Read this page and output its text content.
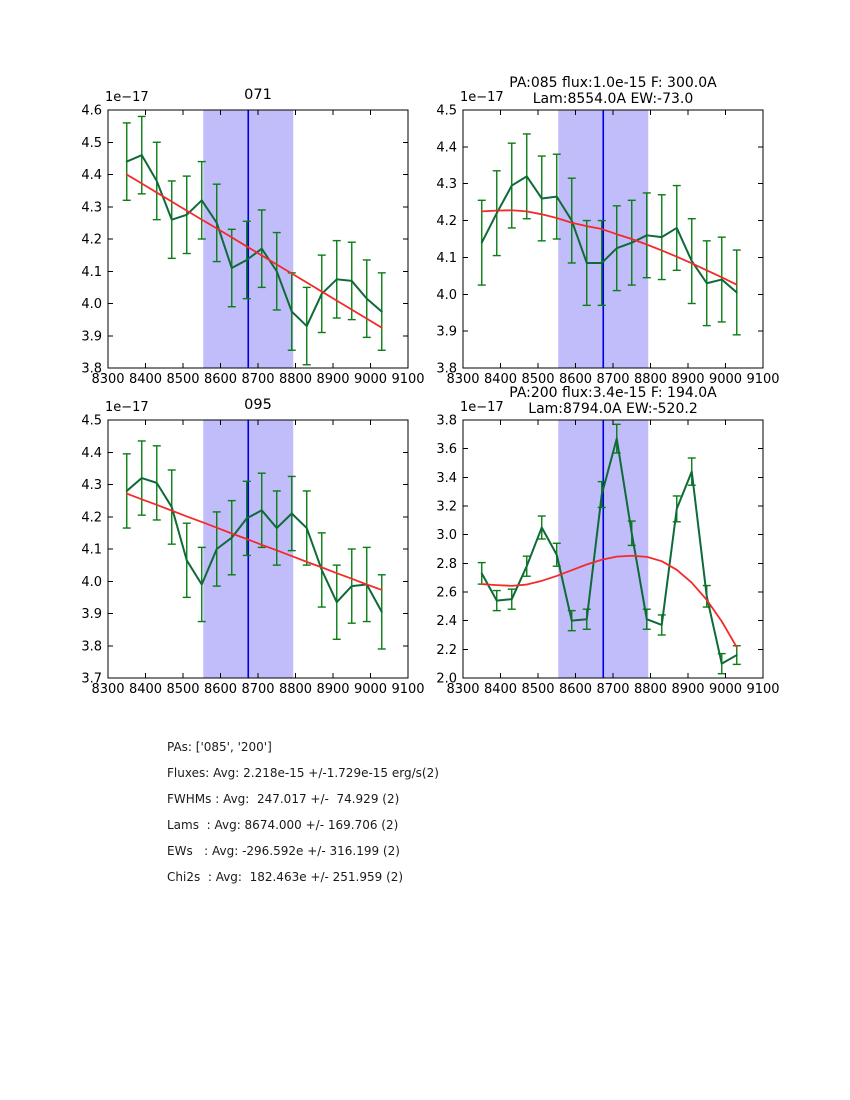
8300 8400 8500 8600 8700 8800 8900 9000 9100
3.8
3.9
4.0
4.1
4.2
4.3
4.4
4.5
4.6
1e−17	071
8300 8400 8500 8600 8700 8800 8900 9000 9100
3.8
3.9
4.0
4.1
4.2
4.3
4.4
4.5
1e−17
PA:085 flux:1.0e-15 F: 300.0A
Lam:8554.0A EW:-73.0
8300 8400 8500 8600 8700 8800 8900 9000 9100
3.7
3.8
3.9
4.0
4.1
4.2
4.3
4.4
4.5
1e−17	095
8300 8400 8500 8600 8700 8800 8900 9000 9100
2.0
2.2
2.4
2.6
2.8
3.0
3.2
3.4
3.6
3.8
1e−17
PA:200 flux:3.4e-15 F: 194.0A
Lam:8794.0A EW:-520.2
PAs: ['085', '200']
Fluxes: Avg: 2.218e-15 +/-1.729e-15 erg/s(2)
FWHMs : Avg:  247.017 +/-  74.929 (2)
Lams  : Avg: 8674.000 +/- 169.706 (2)
EWs   : Avg: -296.592e +/- 316.199 (2)
Chi2s  : Avg:  182.463e +/- 251.959 (2)
